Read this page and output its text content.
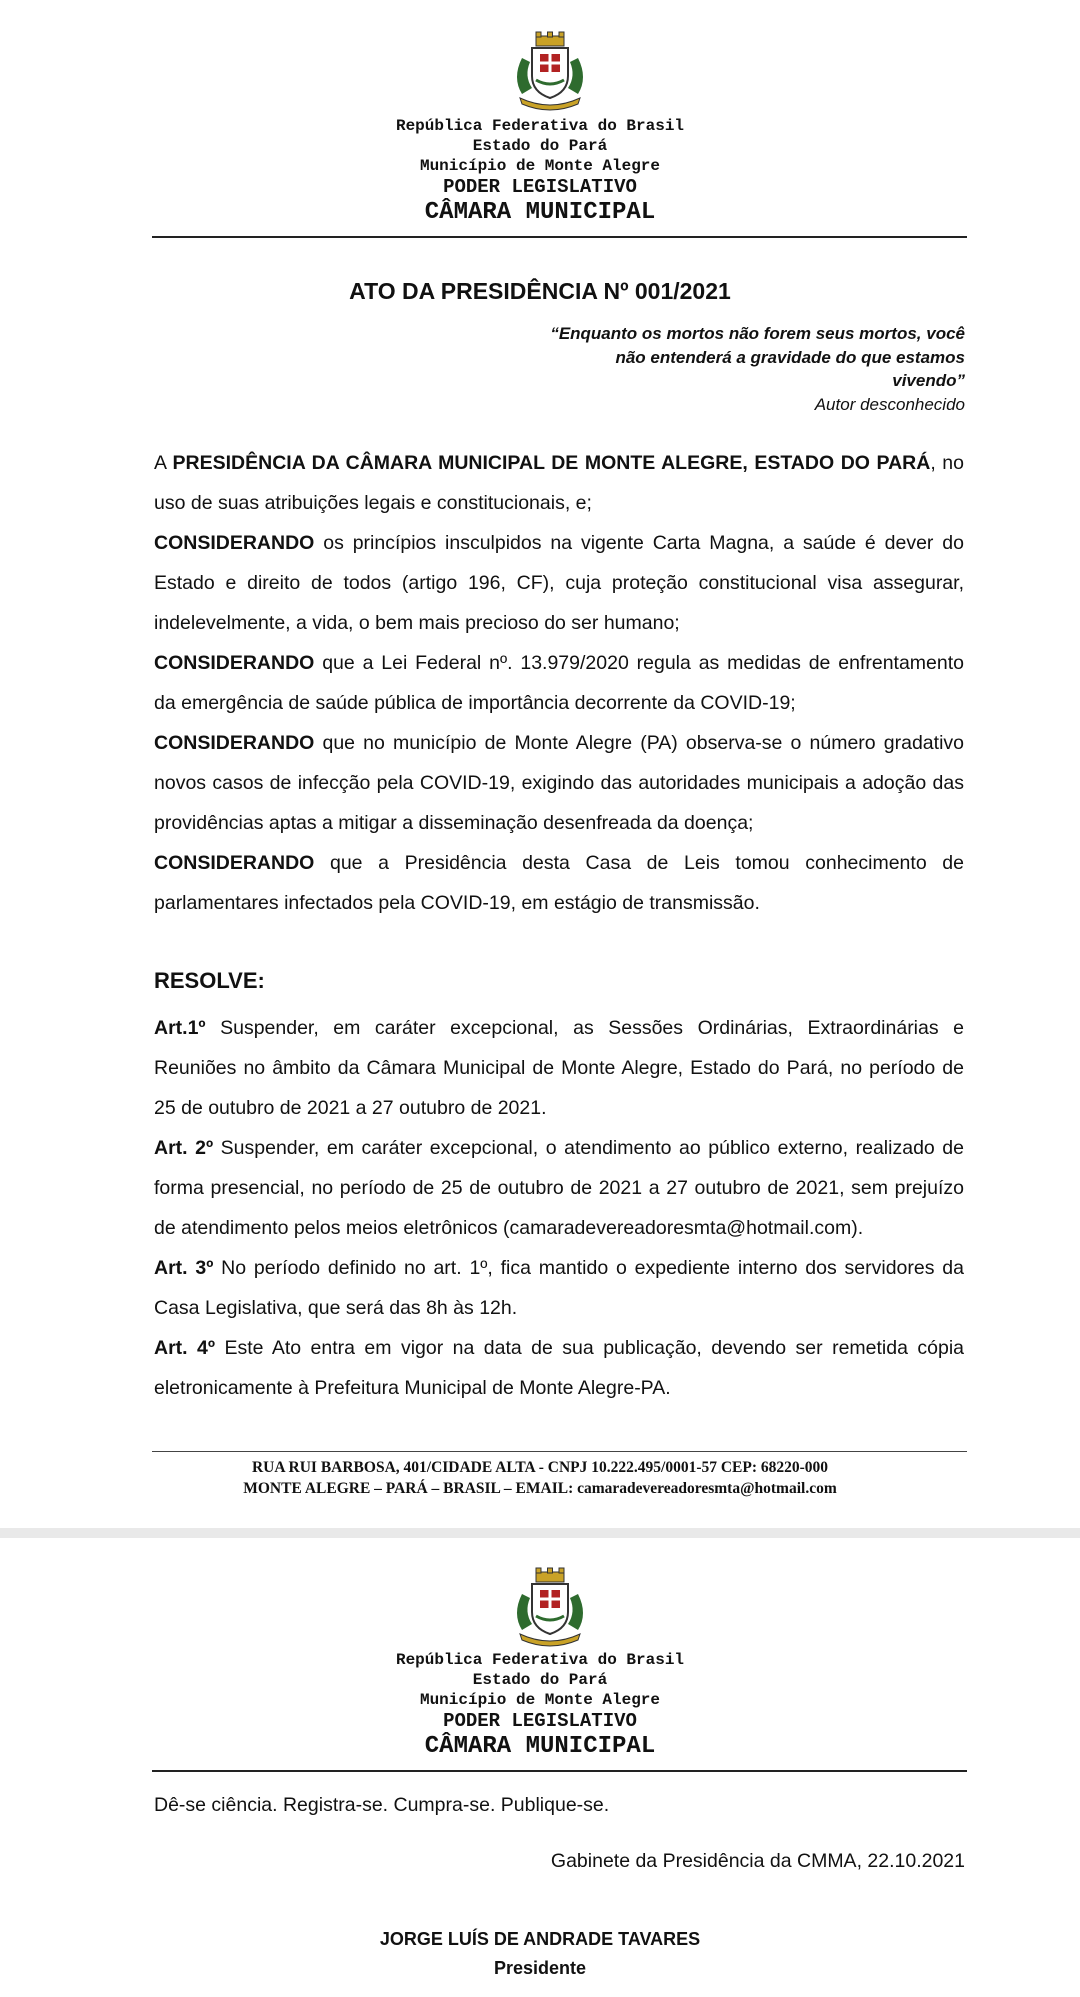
República Federativa do Brasil
Estado do Pará
Município de Monte Alegre
PODER LEGISLATIVO
CÂMARA MUNICIPAL
ATO DA PRESIDÊNCIA Nº 001/2021
“Enquanto os mortos não forem seus mortos, você não entenderá a gravidade do que estamos vivendo”
Autor desconhecido

A PRESIDÊNCIA DA CÂMARA MUNICIPAL DE MONTE ALEGRE, ESTADO DO PARÁ, no uso de suas atribuições legais e constitucionais, e;

CONSIDERANDO os princípios insculpidos na vigente Carta Magna, a saúde é dever do Estado e direito de todos (artigo 196, CF), cuja proteção constitucional visa assegurar, indelevelmente, a vida, o bem mais precioso do ser humano;

CONSIDERANDO que a Lei Federal nº. 13.979/2020 regula as medidas de enfrentamento da emergência de saúde pública de importância decorrente da COVID-19;

CONSIDERANDO que no município de Monte Alegre (PA) observa-se o número gradativo novos casos de infecção pela COVID-19, exigindo das autoridades municipais a adoção das providências aptas a mitigar a disseminação desenfreada da doença;

CONSIDERANDO que a Presidência desta Casa de Leis tomou conhecimento de parlamentares infectados pela COVID-19, em estágio de transmissão.

RESOLVE:

Art.1º Suspender, em caráter excepcional, as Sessões Ordinárias, Extraordinárias e Reuniões no âmbito da Câmara Municipal de Monte Alegre, Estado do Pará, no período de 25 de outubro de 2021 a 27 outubro de 2021.

Art. 2º Suspender, em caráter excepcional, o atendimento ao público externo, realizado de forma presencial, no período de 25 de outubro de 2021 a 27 outubro de 2021, sem prejuízo de atendimento pelos meios eletrônicos (camaradevereadoresmta@hotmail.com).

Art. 3º No período definido no art. 1º, fica mantido o expediente interno dos servidores da Casa Legislativa, que será das 8h às 12h.

Art. 4º Este Ato entra em vigor na data de sua publicação, devendo ser remetida cópia eletronicamente à Prefeitura Municipal de Monte Alegre-PA.

RUA RUI BARBOSA, 401/CIDADE ALTA - CNPJ 10.222.495/0001-57 CEP: 68220-000
MONTE ALEGRE – PARÁ – BRASIL – EMAIL: camaradevereadoresmta@hotmail.com
República Federativa do Brasil
Estado do Pará
Município de Monte Alegre
PODER LEGISLATIVO
CÂMARA MUNICIPAL
Dê-se ciência. Registra-se. Cumpra-se. Publique-se.
Gabinete da Presidência da CMMA, 22.10.2021
JORGE LUÍS DE ANDRADE TAVARES
Presidente
